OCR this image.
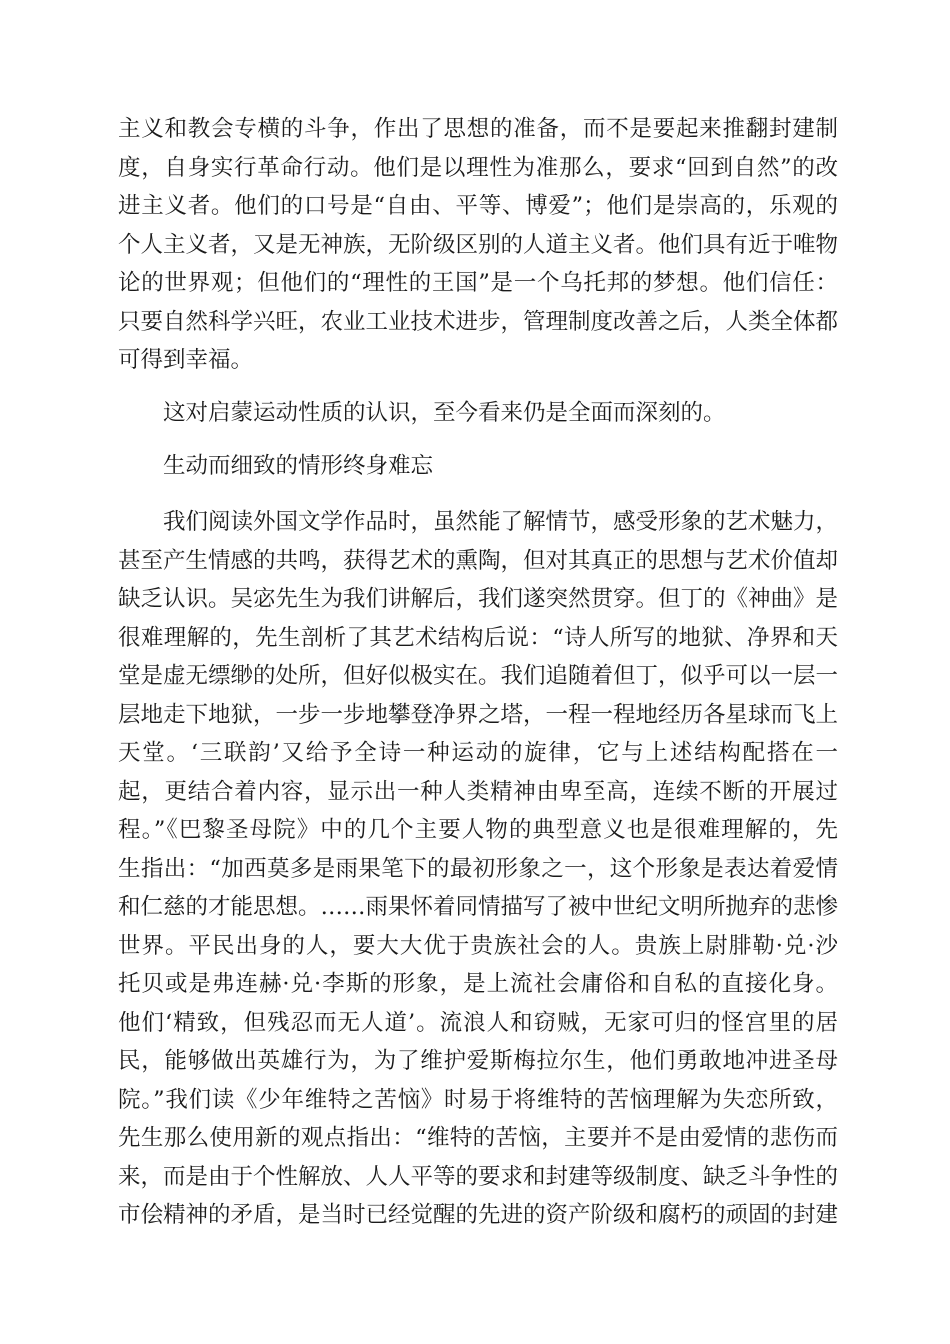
主义和教会专横的斗争，作出了思想的准备，而不是要起来推翻封建制
度，自身实行革命行动。他们是以理性为准那么，要求“回到自然”的改
进主义者。他们的口号是“自由、平等、博爱”；他们是崇高的，乐观的
个人主义者，又是无神族，无阶级区别的人道主义者。他们具有近于唯物
论的世界观；但他们的“理性的王国”是一个乌托邦的梦想。他们信任：
只要自然科学兴旺，农业工业技术进步，管理制度改善之后，人类全体都
可得到幸福。
这对启蒙运动性质的认识，至今看来仍是全面而深刻的。
生动而细致的情形终身难忘
我们阅读外国文学作品时，虽然能了解情节，感受形象的艺术魅力，
甚至产生情感的共鸣，获得艺术的熏陶，但对其真正的思想与艺术价值却
缺乏认识。吴宓先生为我们讲解后，我们遂突然贯穿。但丁的《神曲》是
很难理解的，先生剖析了其艺术结构后说：“诗人所写的地狱、净界和天
堂是虚无缥缈的处所，但好似极实在。我们追随着但丁，似乎可以一层一
层地走下地狱，一步一步地攀登净界之塔，一程一程地经历各星球而飞上
天堂。‘三联韵’又给予全诗一种运动的旋律，它与上述结构配搭在一
起，更结合着内容，显示出一种人类精神由卑至高，连续不断的开展过
程。”《巴黎圣母院》中的几个主要人物的典型意义也是很难理解的，先
生指出：“加西莫多是雨果笔下的最初形象之一，这个形象是表达着爱情
和仁慈的才能思想。……雨果怀着同情描写了被中世纪文明所抛弃的悲惨
世界。平民出身的人，要大大优于贵族社会的人。贵族上尉腓勒·兑·沙
托贝或是弗连赫·兑·李斯的形象，是上流社会庸俗和自私的直接化身。
他们‘精致，但残忍而无人道’。流浪人和窃贼，无家可归的怪宫里的居
民，能够做出英雄行为，为了维护爱斯梅拉尔生，他们勇敢地冲进圣母
院。”我们读《少年维特之苦恼》时易于将维特的苦恼理解为失恋所致，
先生那么使用新的观点指出：“维特的苦恼，主要并不是由爱情的悲伤而
来，而是由于个性解放、人人平等的要求和封建等级制度、缺乏斗争性的
市侩精神的矛盾，是当时已经觉醒的先进的资产阶级和腐朽的顽固的封建
